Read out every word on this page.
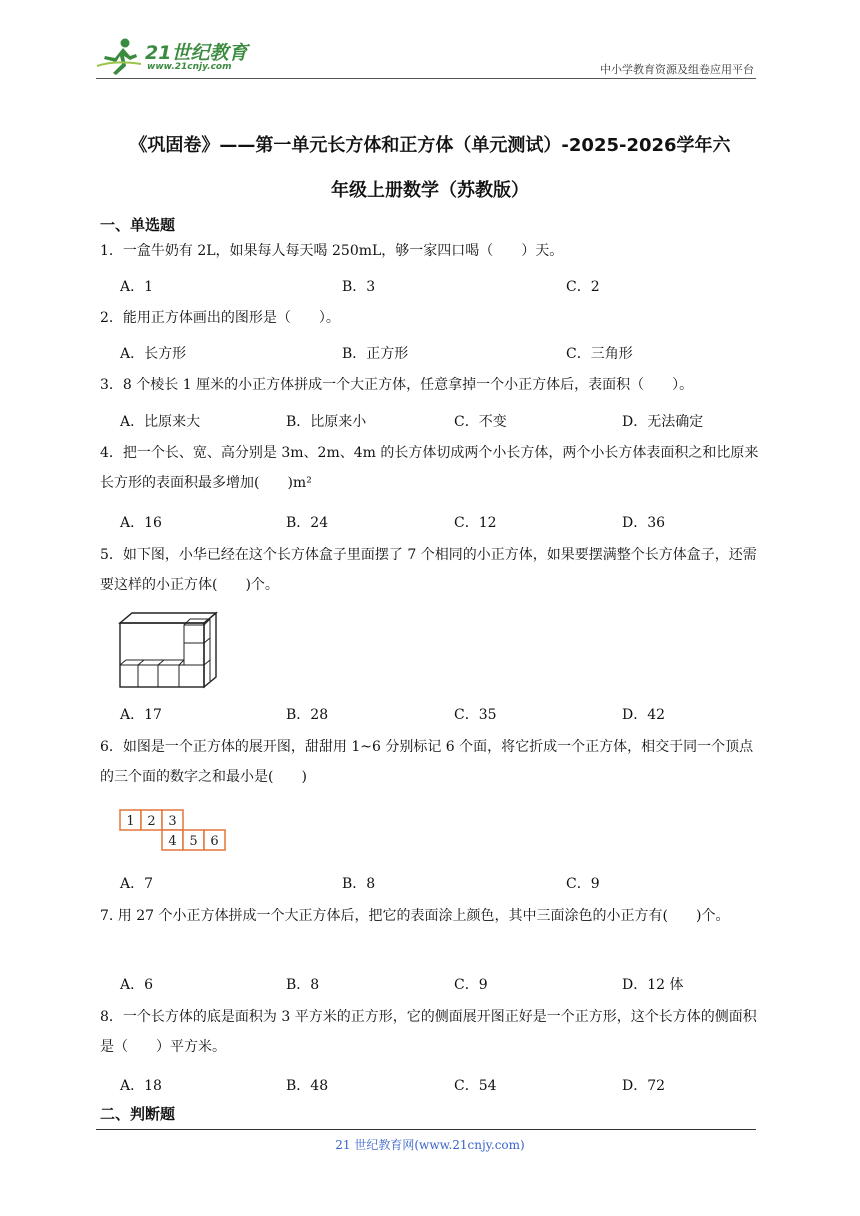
21世纪教育
www.21cnjy.com	中小学教育资源及组卷应用平台
《巩固卷》——第一单元长方体和正方体（单元测试）-2025-2026学年六
年级上册数学（苏教版）
一、单选题
1．一盒牛奶有 2L，如果每人每天喝 250mL，够一家四口喝（　　）天。
A．1	B．3	C．2
2．能用正方体画出的图形是（　　）。
A．长方形	B．正方形	C．三角形
3．8 个棱长 1 厘米的小正方体拼成一个大正方体，任意拿掉一个小正方体后，表面积（　　）。
A．比原来大	B．比原来小	C．不变	D．无法确定
4．把一个长、宽、高分别是 3m、2m、4m 的长方体切成两个小长方体，两个小长方体表面积之和比原来长方形的表面积最多增加(　　)m²
A．16	B．24	C．12	D．36
5．如下图，小华已经在这个长方体盒子里面摆了 7 个相同的小正方体，如果要摆满整个长方体盒子，还需要这样的小正方体(　　)个。
A．17	B．28	C．35	D．42
6．如图是一个正方体的展开图，甜甜用 1~6 分别标记 6 个面，将它折成一个正方体，相交于同一个顶点的三个面的数字之和最小是(　　)
1 2 3
4 5 6
A．7	B．8	C．9
7. 用 27 个小正方体拼成一个大正方体后，把它的表面涂上颜色，其中三面涂色的小正方有(　　)个。
A．6	B．8	C．9	D．12 体
8．一个长方体的底是面积为 3 平方米的正方形，它的侧面展开图正好是一个正方形，这个长方体的侧面积是（　　）平方米。
A．18	B．48	C．54	D．72
二、判断题
21 世纪教育网(www.21cnjy.com)
